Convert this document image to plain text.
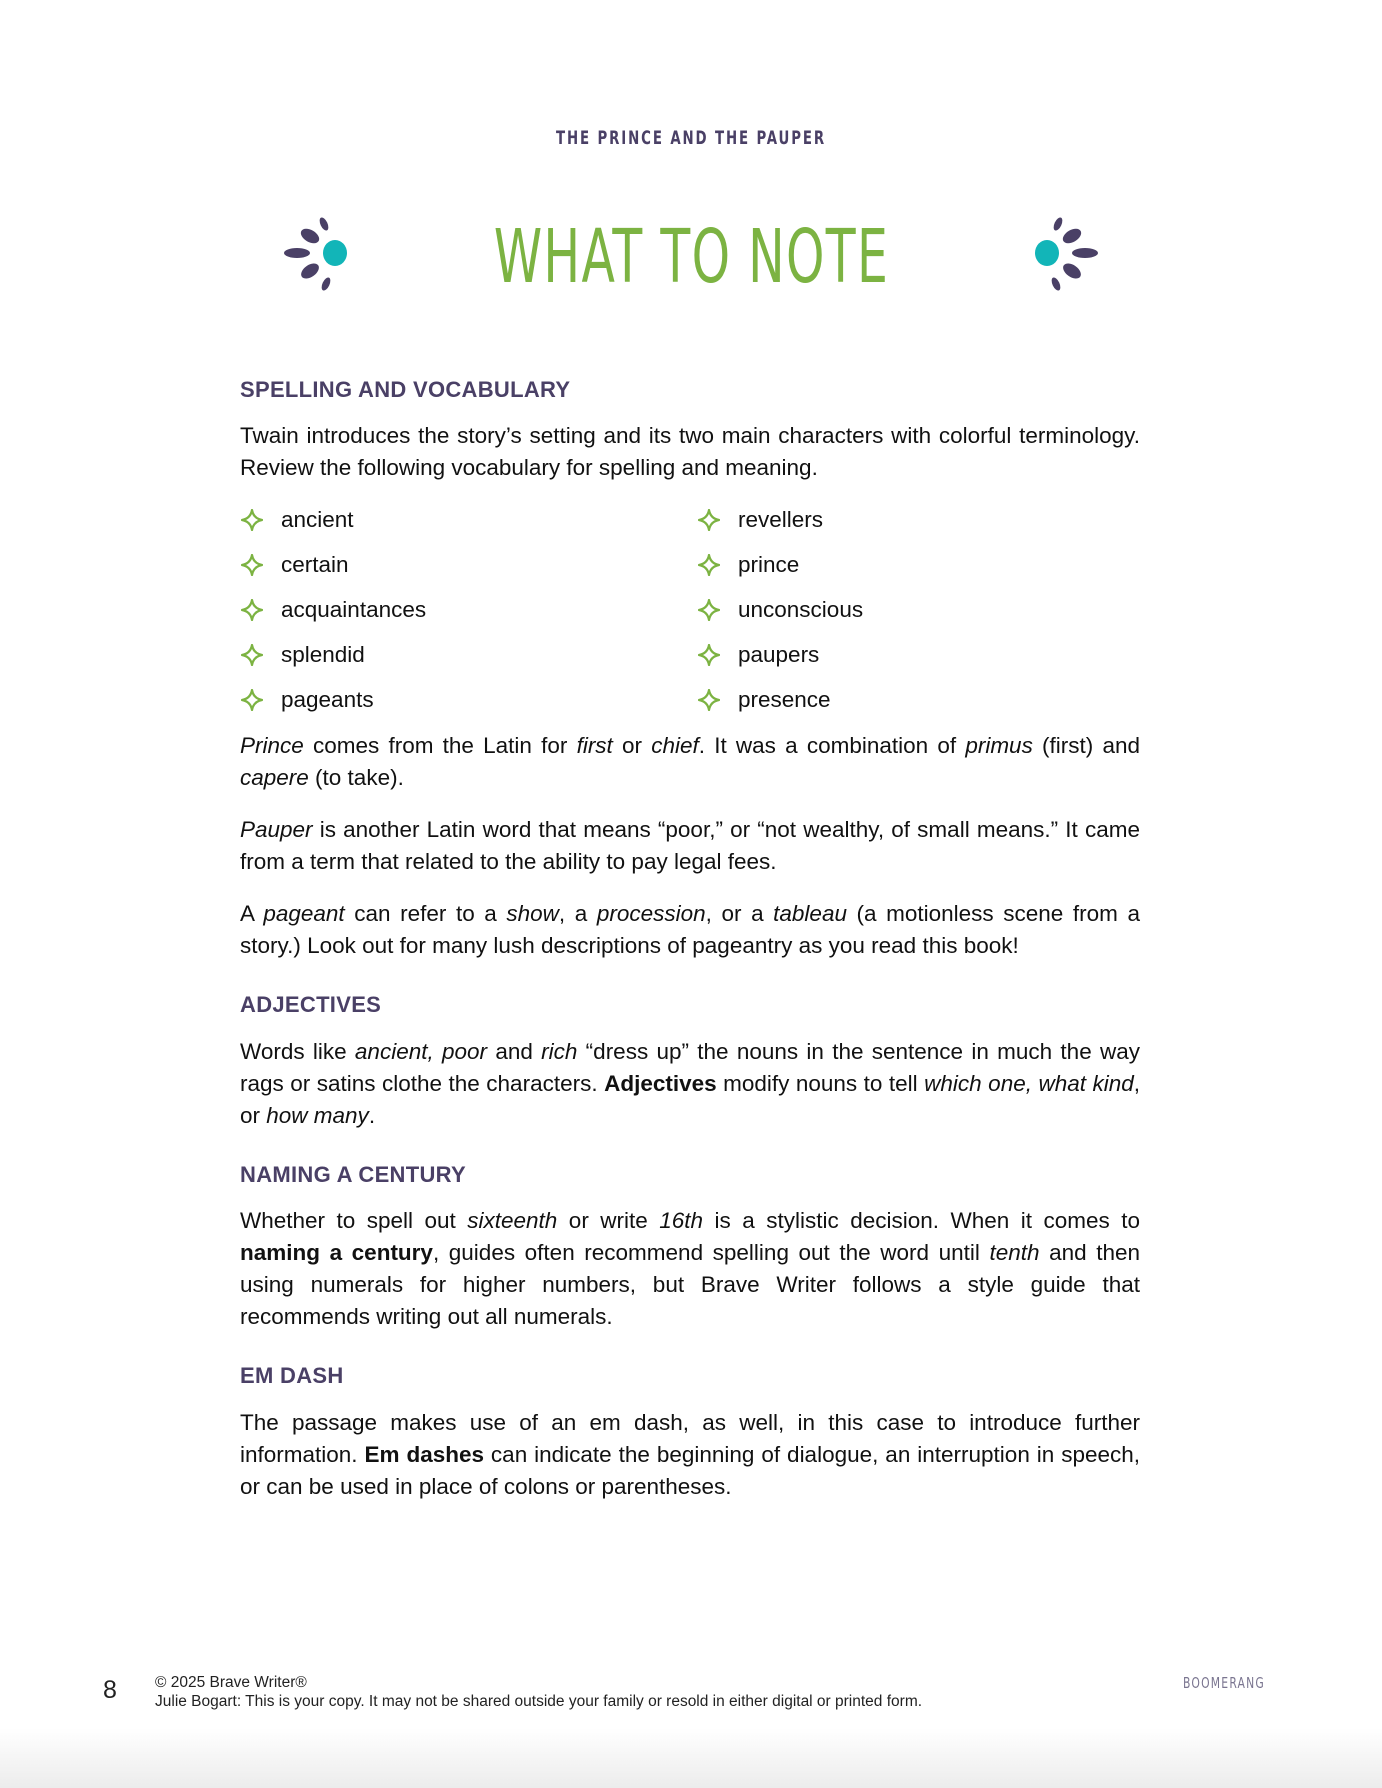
THE PRINCE AND THE PAUPER
WHAT TO NOTE
SPELLING AND VOCABULARY

Twain introduces the story’s setting and its two main characters with colorful terminology. Review the following vocabulary for spelling and meaning.

ancient	revellers
certain	prince
acquaintances	unconscious
splendid	paupers
pageants	presence

Prince comes from the Latin for first or chief. It was a combination of primus (first) and capere (to take).

Pauper is another Latin word that means “poor,” or “not wealthy, of small means.” It came from a term that related to the ability to pay legal fees.

A pageant can refer to a show, a procession, or a tableau (a motionless scene from a story.) Look out for many lush descriptions of pageantry as you read this book!

ADJECTIVES

Words like ancient, poor and rich “dress up” the nouns in the sentence in much the way rags or satins clothe the characters. Adjectives modify nouns to tell which one, what kind, or how many.

NAMING A CENTURY

Whether to spell out sixteenth or write 16th is a stylistic decision. When it comes to naming a century, guides often recommend spelling out the word until tenth and then using numerals for higher numbers, but Brave Writer follows a style guide that recommends writing out all numerals.

EM DASH

The passage makes use of an em dash, as well, in this case to introduce further information. Em dashes can indicate the beginning of dialogue, an interruption in speech, or can be used in place of colons or parentheses.

8 © 2025 Brave Writer®
Julie Bogart: This is your copy. It may not be shared outside your family or resold in either digital or printed form.
BOOMERANG
